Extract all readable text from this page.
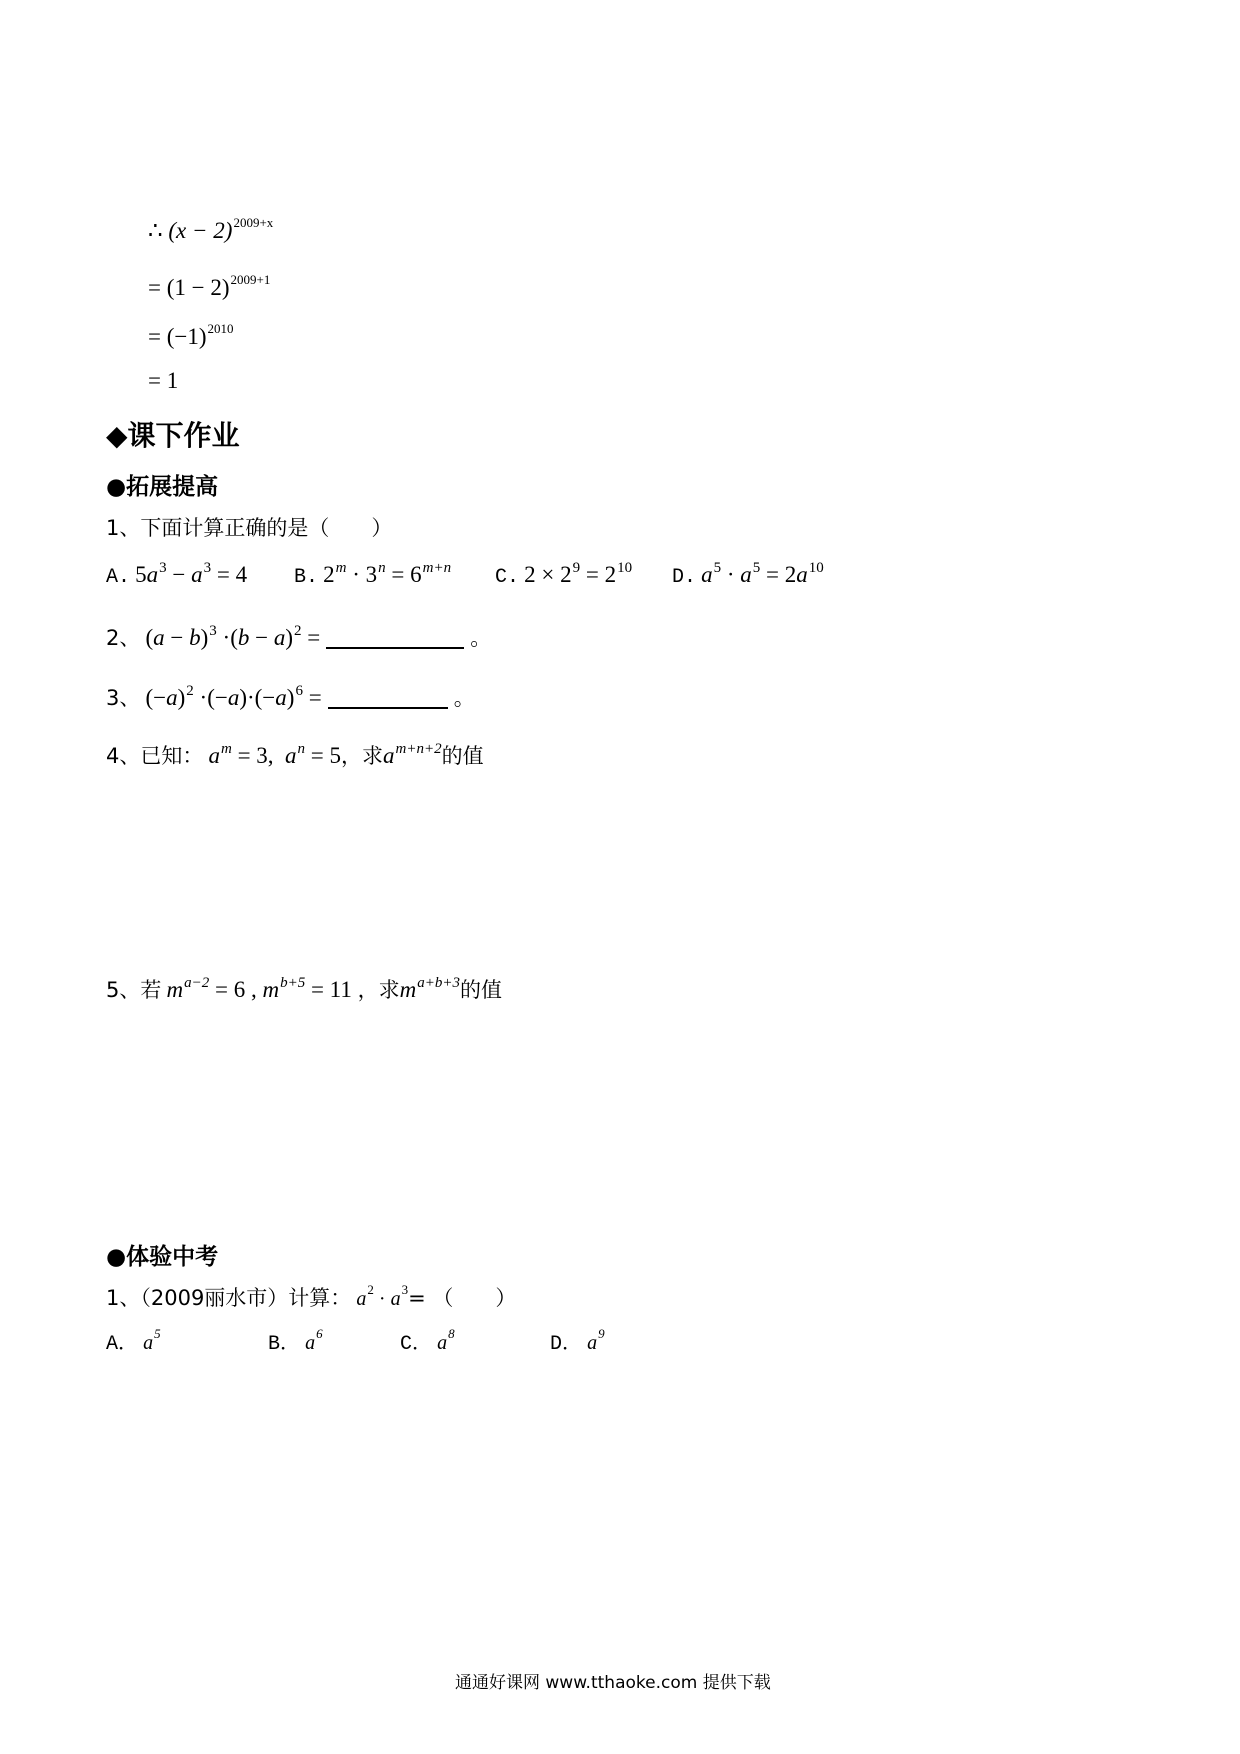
∴ $(x - 2)^{2009+x}$
= $(1 - 2)^{2009+1}$
= $(-1)^{2010}$
= 1
◆课下作业
●拓展提高
1、下面计算正确的是（　　）
A. $5a^3 - a^3 = 4$ B. $2^m \cdot 3^n = 6^{m+n}$ C. $2 \times 2^9 = 2^{10}$ D. $a^5 \cdot a^5 = 2a^{10}$
2、 $(a - b)^3 \cdot(b - a)^2$ =	。
3、 $(-a)^2 \cdot(-a)\cdot(-a)^6$ =	。
4、已知： $a^m = 3$,  $a^n = 5$，求$a^{m+n+2}$的值
5、若 $m^{a-2} = 6$ , $m^{b+5} = 11$ ，求$m^{a+b+3}$的值
●体验中考
1、（2009丽水市）计算： $a^2 \cdot a^3=$ （　　）
A． $a^5$	B． $a^6$	C． $a^8$	D． $a^9$
通通好课网 www.tthaoke.com 提供下载
